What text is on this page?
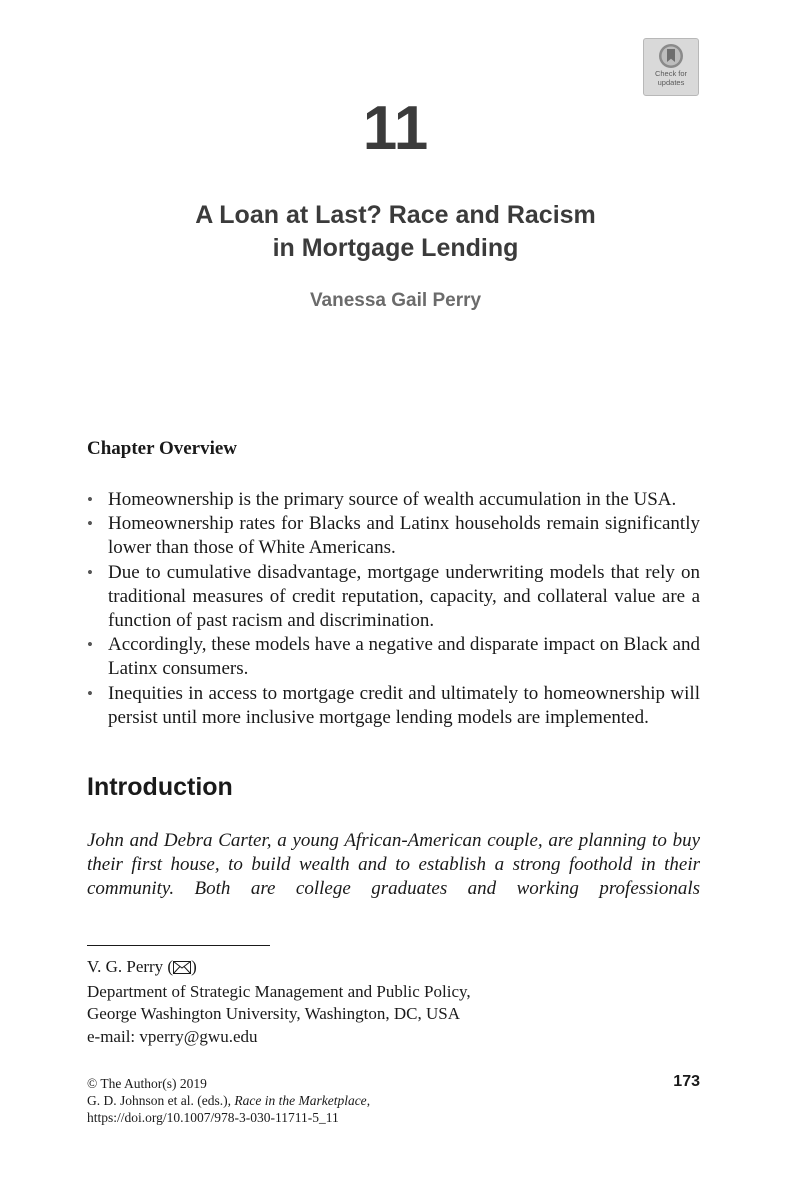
Check for
updates
11
A Loan at Last? Race and Racism
in Mortgage Lending
Vanessa Gail Perry
Chapter Overview
• Homeownership is the primary source of wealth accumulation in the USA.
• Homeownership rates for Blacks and Latinx households remain significantly lower than those of White Americans.
• Due to cumulative disadvantage, mortgage underwriting models that rely on traditional measures of credit reputation, capacity, and collateral value are a function of past racism and discrimination.
• Accordingly, these models have a negative and disparate impact on Black and Latinx consumers.
• Inequities in access to mortgage credit and ultimately to homeownership will persist until more inclusive mortgage lending models are implemented.
Introduction
John and Debra Carter, a young African-American couple, are planning to buy their first house, to build wealth and to establish a strong foothold in their community. Both are college graduates and working professionals
V. G. Perry ( )
Department of Strategic Management and Public Policy,
George Washington University, Washington, DC, USA
e-mail: vperry@gwu.edu
© The Author(s) 2019
G. D. Johnson et al. (eds.), Race in the Marketplace,
https://doi.org/10.1007/978-3-030-11711-5_11
173
